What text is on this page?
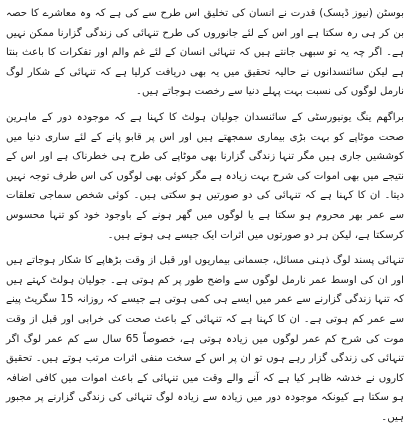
بوسٹن (نیوز ڈیسک) قدرت نے انسان کی تخلیق اس طرح سے کی ہے کہ وہ معاشرے کا حصہ بن کر ہی رہ سکتا ہے اور اس کے لئے جانوروں کی طرح تنہائی کی زندگی گزارنا ممکن نہیں ہے۔ اگر چہ یہ تو سبھی جانتے ہیں کہ تنہائی انسان کے لئے غم والم اور تفکرات کا باعث بنتا ہے لیکن سائنسدانوں نے حالیہ تحقیق میں یہ بھی دریافت کرلیا ہے کہ تنہائی کے شکار لوگ نارمل لوگوں کی نسبت بہت پہلے دنیا سے رخصت ہوجاتے ہیں۔

براگھم ینگ یونیورسٹی کے سائنسدان جولیان ہولٹ کا کہنا ہے کہ موجودہ دور کے ماہرین صحت موٹاپے کو بہت بڑی بیماری سمجھتے ہیں اور اس پر قابو پانے کے لئے ساری دنیا میں کوششیں جاری ہیں مگر تنہا زندگی گزارنا بھی موٹاپے کی طرح ہی خطرناک ہے اور اس کے نتیجے میں بھی اموات کی شرح بہت زیادہ ہے مگر کوئی بھی لوگوں کی اس طرف توجہ نہیں دیتا۔ ان کا کہنا ہے کہ تنہائی کی دو صورتیں ہو سکتی ہیں۔ کوئی شخص سماجی تعلقات سے عمر بھر محروم ہو سکتا ہے یا لوگوں میں گھر ہونے کے باوجود خود کو تنہا محسوس کرسکتا ہے، لیکن ہر دو صورتوں میں اثرات ایک جیسے ہی ہوتے ہیں۔

تنہائی پسند لوگ ذہنی مسائل، جسمانی بیماریوں اور قبل از وقت بڑھاپے کا شکار ہوجاتے ہیں اور ان کی اوسط عمر نارمل لوگوں سے واضح طور پر کم ہوتی ہے۔ جولیان ہولٹ کہتے ہیں کہ تنہا زندگی گزارنے سے عمر میں ایسے ہی کمی ہوتی ہے جیسے کہ روزانہ 15 سگریٹ پینے سے عمر کم ہوتی ہے۔ ان کا کہنا ہے کہ تنہائی کے باعث صحت کی خرابی اور قبل از وقت موت کی شرح کم عمر لوگوں میں زیادہ ہوتی ہے، خصوصاً 65 سال سے کم عمر لوگ اگر تنہائی کی زندگی گزار رہے ہوں تو ان پر اس کے سخت منفی اثرات مرتب ہوتے ہیں۔ تحقیق کاروں نے خدشہ ظاہر کیا ہے کہ آنے والے وقت میں تنہائی کے باعث اموات میں کافی اضافہ ہو سکتا ہے کیونکہ موجودہ دور میں زیادہ سے زیادہ لوگ تنہائی کی زندگی گزارنے پر مجبور ہیں۔
